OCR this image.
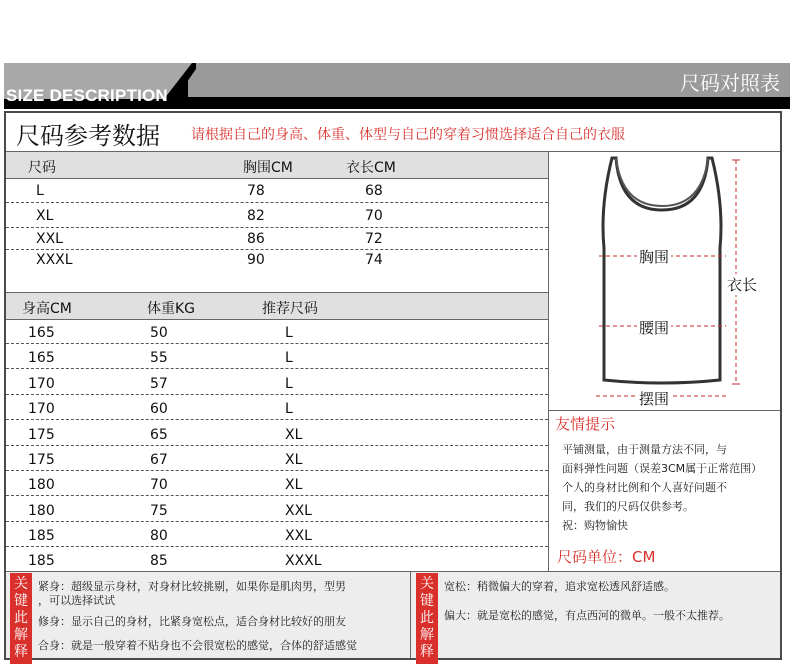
SIZE DESCRIPTION
尺码对照表
尺码参考数据 请根据自己的身高、体重、体型与自己的穿着习惯选择适合自己的衣服
尺码	胸围CM	衣长CM
L	78	68
XL	82	70
XXL	86	72
XXXL	90	74
身高CM	体重KG	推荐尺码
165	50	L
165	55	L
170	57	L
170	60	L
175	65	XL
175	67	XL
180	70	XL
180	75	XXL
185	80	XXL
185	85	XXXL
胸围
衣长
腰围
摆围
友情提示
平铺测量，由于测量方法不同，与
面料弹性问题（误差3CM属于正常范围）
个人的身材比例和个人喜好问题不
同，我们的尺码仅供参考。
祝：购物愉快
尺码单位：CM
关
键
此
解
释
紧身：超级显示身材，对身材比较挑剔，如果你是肌肉男，型男
，可以选择试试
修身：显示自己的身材，比紧身宽松点，适合身材比较好的朋友
合身：就是一般穿着不贴身也不会很宽松的感觉，合体的舒适感觉
关
键
此
解
释
宽松：稍微偏大的穿着，追求宽松透风舒适感。
偏大：就是宽松的感觉，有点西河的微单。一般不太推荐。
